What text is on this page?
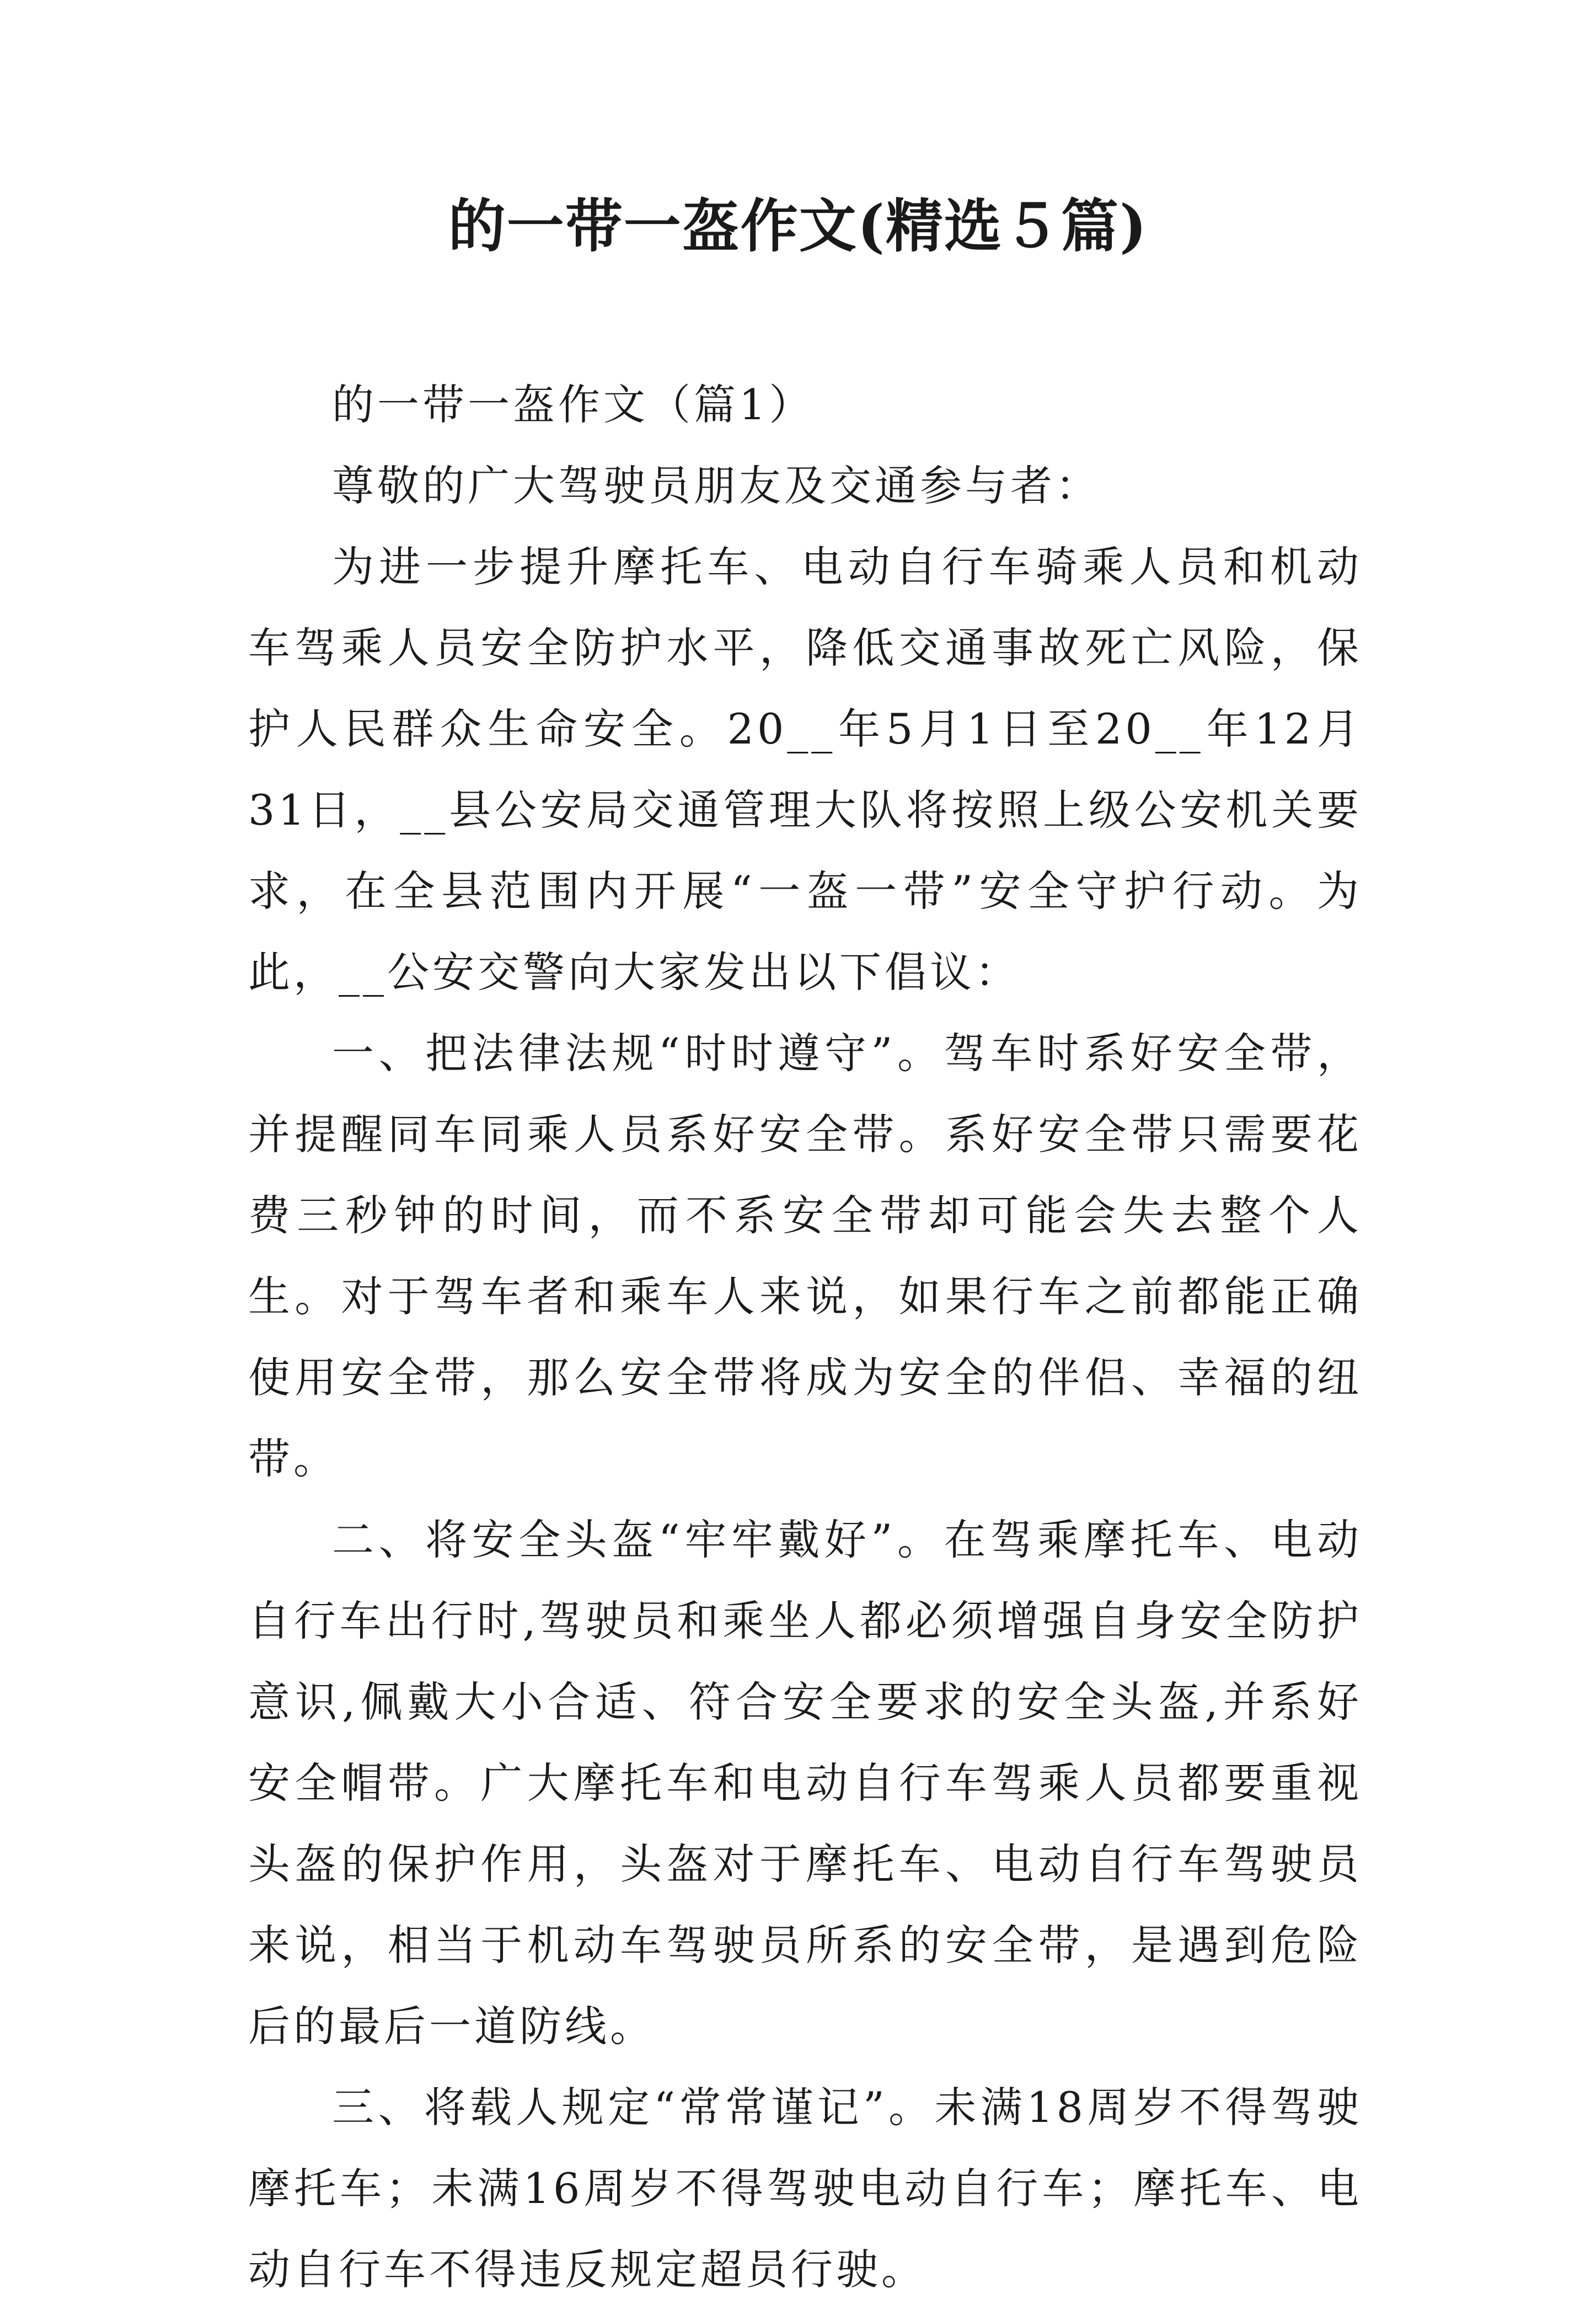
的一带一盔作文(精选５篇)

的一带一盔作文（篇1）

尊敬的广大驾驶员朋友及交通参与者：

为进一步提升摩托车、电动自行车骑乘人员和机动车驾乘人员安全防护水平，降低交通事故死亡风险，保护人民群众生命安全。20__年5月1日至20__年12月31日，__县公安局交通管理大队将按照上级公安机关要求，在全县范围内开展“一盔一带”安全守护行动。为此，__公安交警向大家发出以下倡议：

一、把法律法规“时时遵守”。驾车时系好安全带，并提醒同车同乘人员系好安全带。系好安全带只需要花费三秒钟的时间，而不系安全带却可能会失去整个人生。对于驾车者和乘车人来说，如果行车之前都能正确使用安全带，那么安全带将成为安全的伴侣、幸福的纽带。

二、将安全头盔“牢牢戴好”。在驾乘摩托车、电动自行车出行时,驾驶员和乘坐人都必须增强自身安全防护意识,佩戴大小合适、符合安全要求的安全头盔,并系好安全帽带。广大摩托车和电动自行车驾乘人员都要重视头盔的保护作用，头盔对于摩托车、电动自行车驾驶员来说，相当于机动车驾驶员所系的安全带，是遇到危险后的最后一道防线。

三、将载人规定“常常谨记”。未满18周岁不得驾驶摩托车；未满16周岁不得驾驶电动自行车；摩托车、电动自行车不得违反规定超员行驶。
